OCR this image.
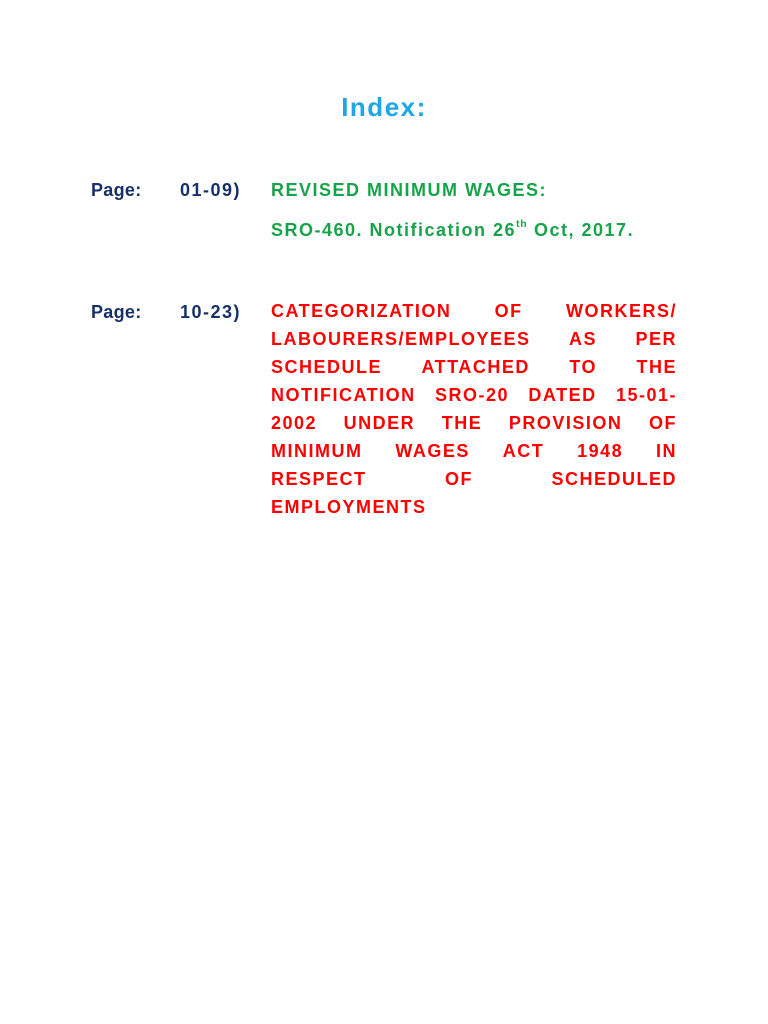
Index:
Page: 01-09) REVISED MINIMUM WAGES:
SRO-460. Notification 26th Oct, 2017.
Page: 10-23) CATEGORIZATION OF WORKERS/
LABOURERS/EMPLOYEES AS PER
SCHEDULE ATTACHED TO THE
NOTIFICATION SRO-20 DATED 15-01-
2002 UNDER THE PROVISION OF
MINIMUM WAGES ACT 1948 IN
RESPECT	OF	SCHEDULED
EMPLOYMENTS
